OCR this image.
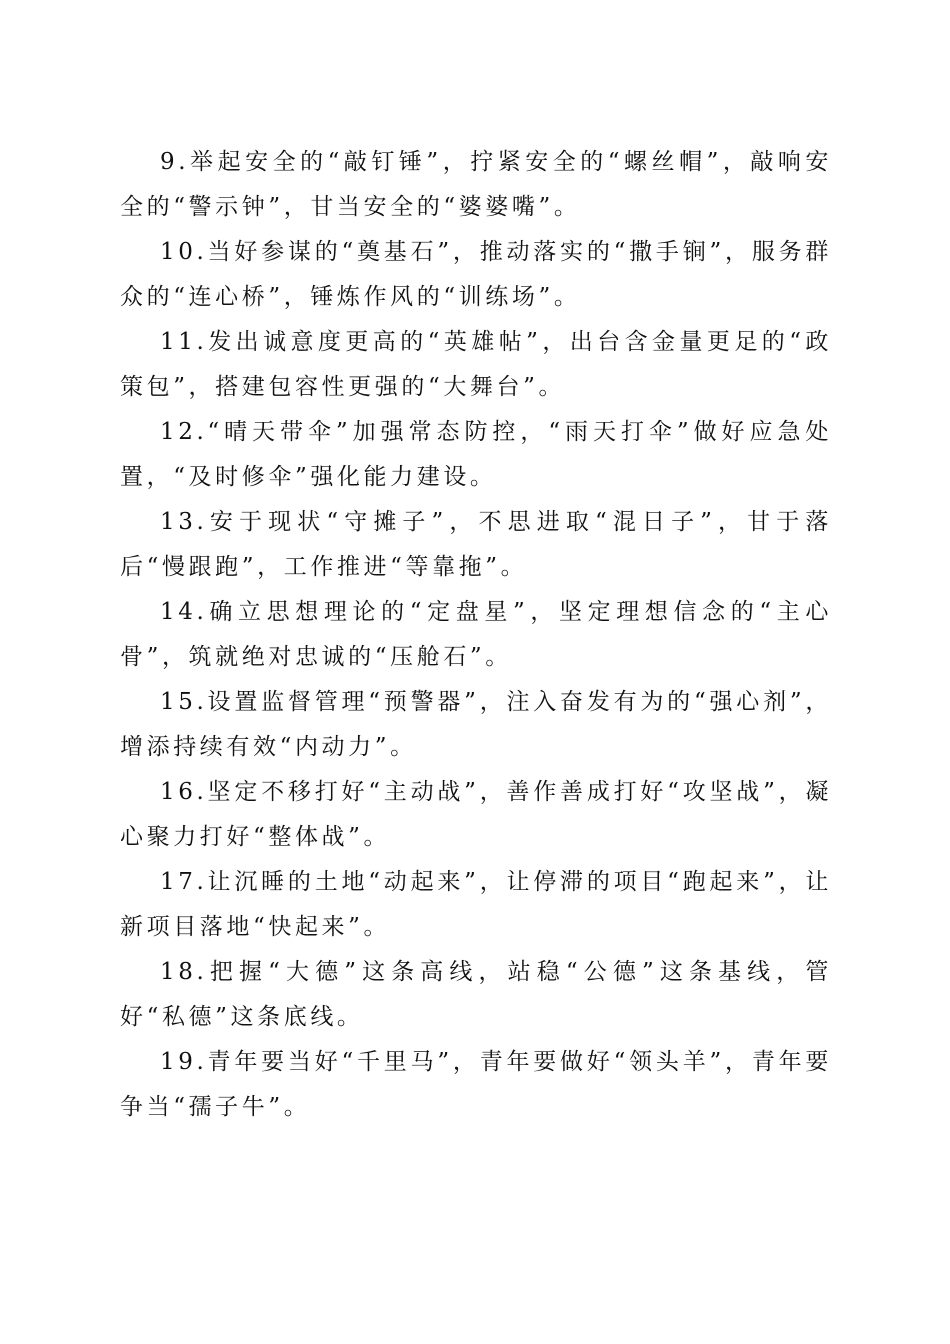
9.举起安全的“敲钉锤”，拧紧安全的“螺丝帽”，敲响安全的“警示钟”，甘当安全的“婆婆嘴”。

10.当好参谋的“奠基石”，推动落实的“撒手锏”，服务群众的“连心桥”，锤炼作风的“训练场”。

11.发出诚意度更高的“英雄帖”，出台含金量更足的“政策包”，搭建包容性更强的“大舞台”。

12.“晴天带伞”加强常态防控，“雨天打伞”做好应急处置，“及时修伞”强化能力建设。

13.安于现状“守摊子”，不思进取“混日子”，甘于落后“慢跟跑”，工作推进“等靠拖”。

14.确立思想理论的“定盘星”，坚定理想信念的“主心骨”，筑就绝对忠诚的“压舱石”。

15.设置监督管理“预警器”，注入奋发有为的“强心剂”，增添持续有效“内动力”。

16.坚定不移打好“主动战”，善作善成打好“攻坚战”，凝心聚力打好“整体战”。

17.让沉睡的土地“动起来”，让停滞的项目“跑起来”，让新项目落地“快起来”。

18.把握“大德”这条高线，站稳“公德”这条基线，管好“私德”这条底线。

19.青年要当好“千里马”，青年要做好“领头羊”，青年要争当“孺子牛”。
